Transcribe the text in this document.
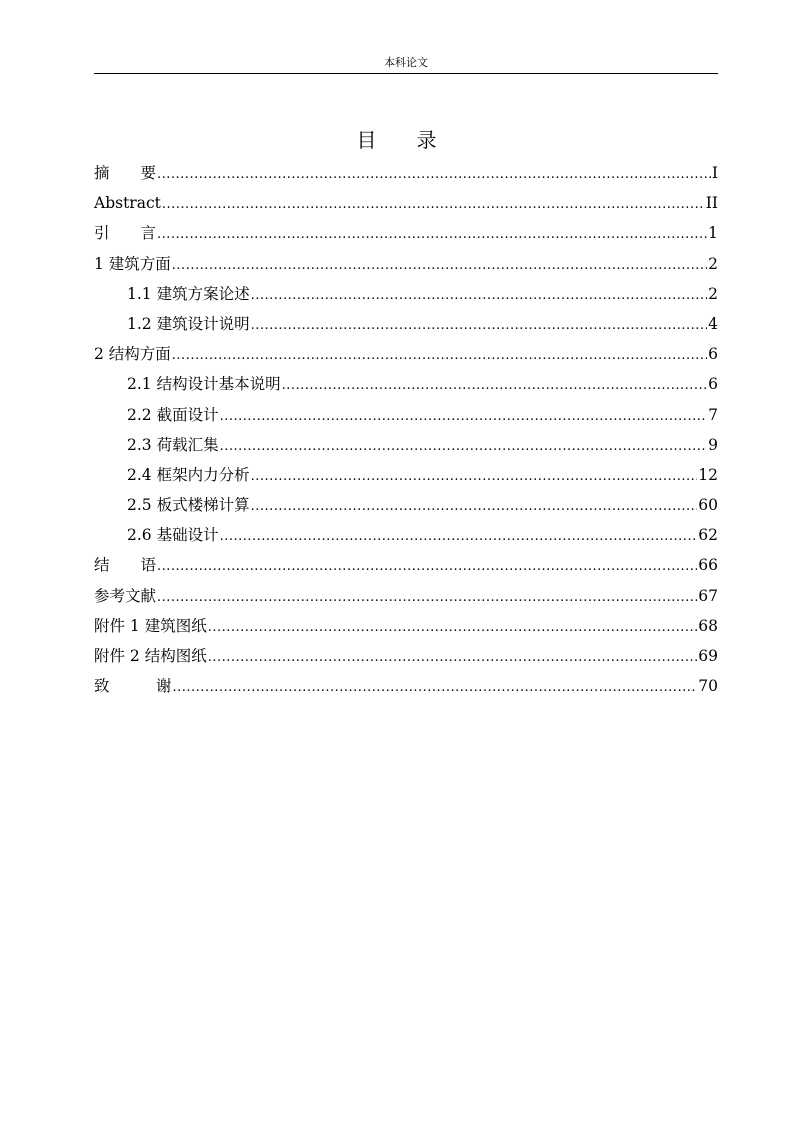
本科论文
目 录
摘　　要 .....	I
Abstract .....	II
引　　言 .....	1
1 建筑方面 .....	2
1.1 建筑方案论述 .....	2
1.2 建筑设计说明 .....	4
2 结构方面 .....	6
2.1 结构设计基本说明 .....	6
2.2 截面设计 .....	7
2.3 荷载汇集 .....	9
2.4 框架内力分析 .....	12
2.5 板式楼梯计算 .....	60
2.6 基础设计 .....	62
结　　语 .....	66
参考文献 .....	67
附件 1 建筑图纸 .....	68
附件 2 结构图纸 .....	69
致　　　谢 .....	70
